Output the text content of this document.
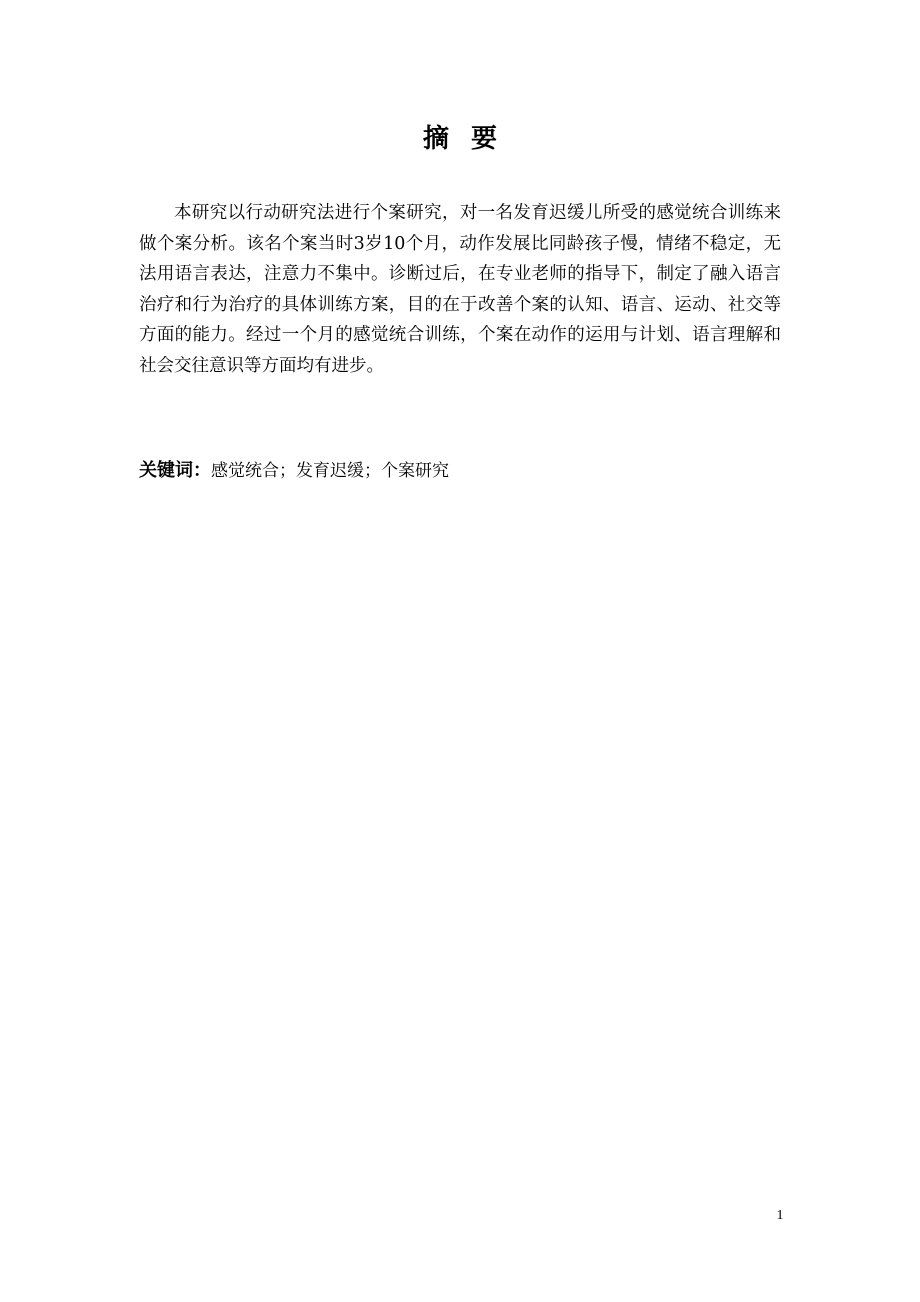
摘要

本研究以行动研究法进行个案研究，对一名发育迟缓儿所受的感觉统合训练来做个案分析。该名个案当时3岁10个月，动作发展比同龄孩子慢，情绪不稳定，无法用语言表达，注意力不集中。诊断过后，在专业老师的指导下，制定了融入语言治疗和行为治疗的具体训练方案，目的在于改善个案的认知、语言、运动、社交等方面的能力。经过一个月的感觉统合训练，个案在动作的运用与计划、语言理解和社会交往意识等方面均有进步。

关键词：感觉统合；发育迟缓；个案研究

1
